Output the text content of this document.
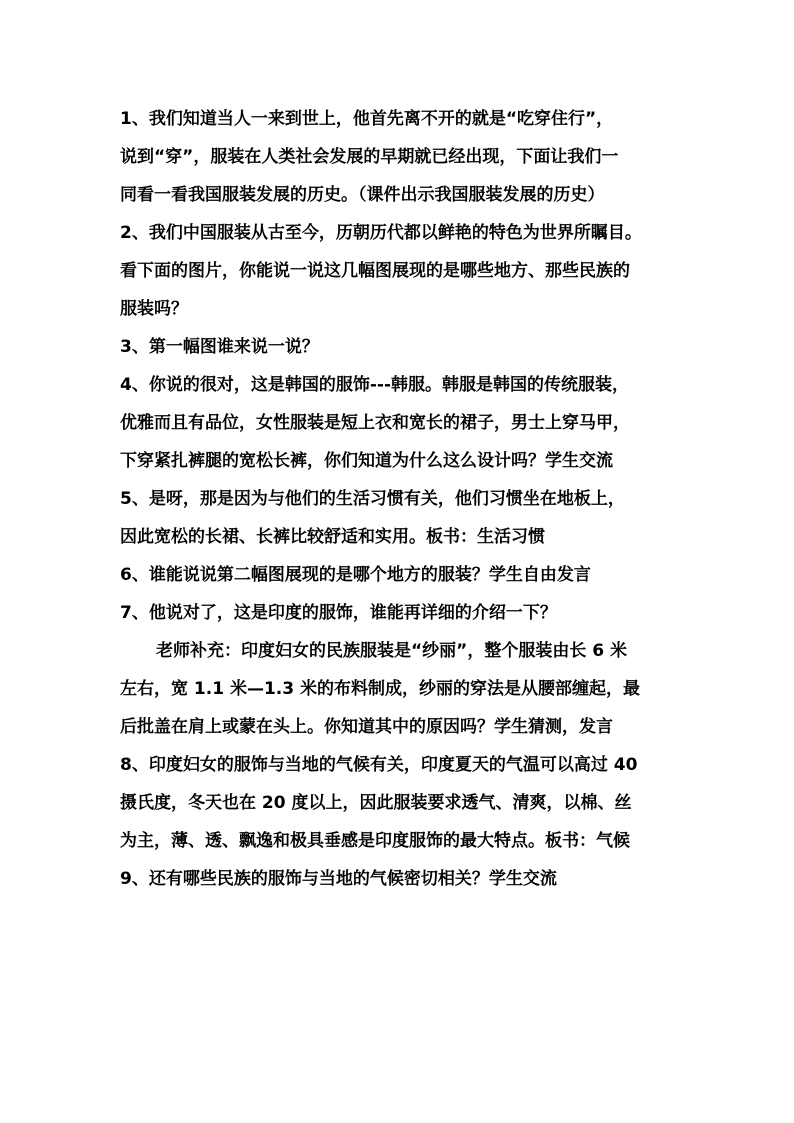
1、我们知道当人一来到世上，他首先离不开的就是“吃穿住行”，
说到“穿”，服装在人类社会发展的早期就已经出现，下面让我们一
同看一看我国服装发展的历史。（课件出示我国服装发展的历史）
2、我们中国服装从古至今，历朝历代都以鲜艳的特色为世界所瞩目。
看下面的图片，你能说一说这几幅图展现的是哪些地方、那些民族的
服装吗？
3、第一幅图谁来说一说？
4、你说的很对，这是韩国的服饰---韩服。韩服是韩国的传统服装，
优雅而且有品位，女性服装是短上衣和宽长的裙子，男士上穿马甲，
下穿紧扎裤腿的宽松长裤，你们知道为什么这么设计吗？学生交流
5、是呀，那是因为与他们的生活习惯有关，他们习惯坐在地板上，
因此宽松的长裙、长裤比较舒适和实用。板书：生活习惯
6、谁能说说第二幅图展现的是哪个地方的服装？学生自由发言
7、他说对了，这是印度的服饰，谁能再详细的介绍一下？
老师补充：印度妇女的民族服装是“纱丽”，整个服装由长 6 米
左右，宽 1.1 米—1.3 米的布料制成，纱丽的穿法是从腰部缠起，最
后批盖在肩上或蒙在头上。你知道其中的原因吗？学生猜测，发言
8、印度妇女的服饰与当地的气候有关，印度夏天的气温可以高过 40
摄氏度，冬天也在 20 度以上，因此服装要求透气、清爽，以棉、丝
为主，薄、透、飘逸和极具垂感是印度服饰的最大特点。板书：气候
9、还有哪些民族的服饰与当地的气候密切相关？学生交流
